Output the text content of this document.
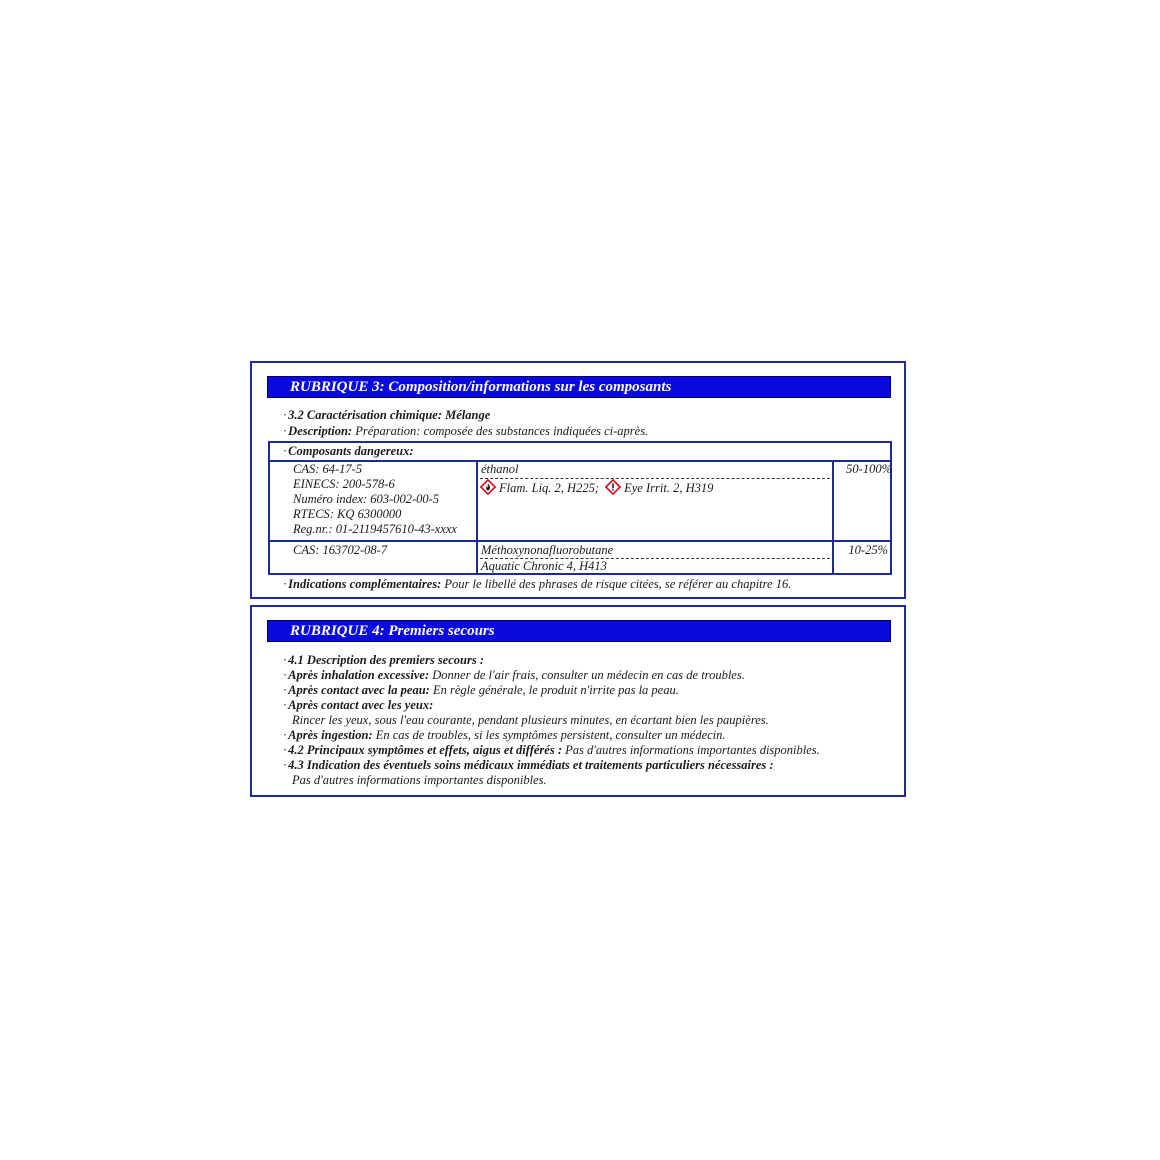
RUBRIQUE 3: Composition/informations sur les composants
·3.2 Caractérisation chimique: Mélange
·Description: Préparation: composée des substances indiquées ci-après.
·Composants dangereux:
CAS: 64-17-5
EINECS: 200-578-6
Numéro index: 603-002-00-5
RTECS: KQ 6300000
Reg.nr.: 01-2119457610-43-xxxx
éthanol
Flam. Liq. 2, H225; Eye Irrit. 2, H319
50-100%
CAS: 163702-08-7	Méthoxynonafluorobutane
Aquatic Chronic 4, H413
10-25%
·Indications complémentaires: Pour le libellé des phrases de risque citées, se référer au chapitre 16.
RUBRIQUE 4: Premiers secours
·4.1 Description des premiers secours :
·Après inhalation excessive: Donner de l'air frais, consulter un médecin en cas de troubles.
·Après contact avec la peau: En règle générale, le produit n'irrite pas la peau.
·Après contact avec les yeux:
Rincer les yeux, sous l'eau courante, pendant plusieurs minutes, en écartant bien les paupières.
·Après ingestion: En cas de troubles, si les symptômes persistent, consulter un médecin.
·4.2 Principaux symptômes et effets, aigus et différés : Pas d'autres informations importantes disponibles.
·4.3 Indication des éventuels soins médicaux immédiats et traitements particuliers nécessaires :
Pas d'autres informations importantes disponibles.
